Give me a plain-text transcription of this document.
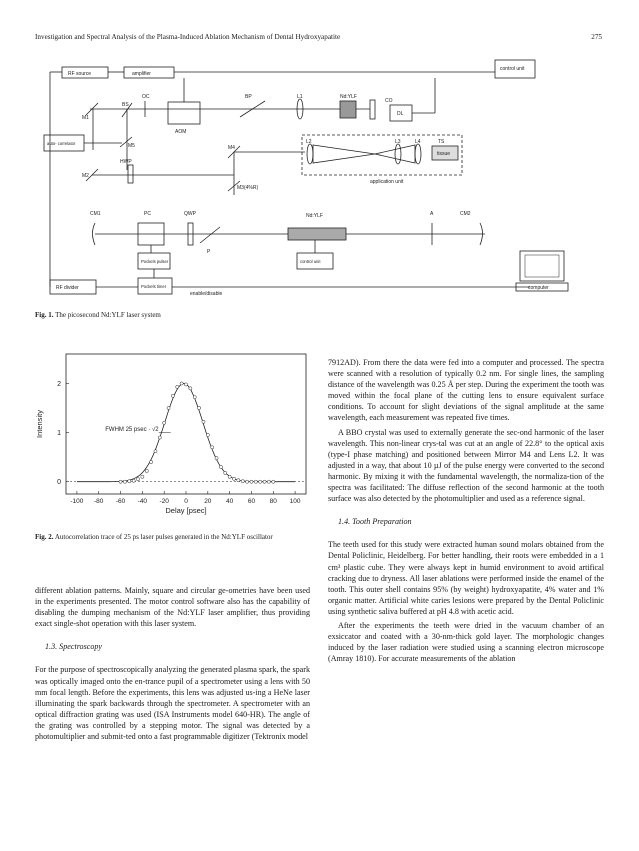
Investigation and Spectral Analysis of the Plasma-Induced Ablation Mechanism of Dental Hydroxyapatite	275
RF source	amplifier
control unit
OC	BP	L1	Nd:YLF
CO
DL
AOM
BS
M1
auto- correlator	M5	M4
HWP
M2
M3(4%R)
application unit
L2	L3	L4	TS
tissue
CM1	PC	QWP
P
Nd:YLF	A	CM2
Pockels pulser	control unit
RF divider	Pockels timer
enable/disable
computer
Fig. 1. The picosecond Nd:YLF laser system
-100 -80 -60 -40 -20 0	20 40 60 80 100
0
1
2
Delay [psec]
Intensity	FWHM 25 psec · √2
Fig. 2. Autocorrelation trace of 25 ps laser pulses generated in the Nd:YLF oscillator

different ablation patterns. Mainly, square and circular ge-ometries have been used in the experiments presented. The motor control software also has the capability of disabling the dumping mechanism of the Nd:YLF laser amplifier, thus providing exact single-shot operation with this laser system.

1.3. Spectroscopy

For the purpose of spectroscopically analyzing the generated plasma spark, the spark was optically imaged onto the en-trance pupil of a spectrometer using a lens with 50 mm focal length. Before the experiments, this lens was adjusted us-ing a HeNe laser illuminating the spark backwards through the spectrometer. A spectrometer with an optical diffraction grating was used (ISA Instruments model 640-HR). The angle of the grating was controlled by a stepping motor. The signal was detected by a photomultiplier and submit-ted onto a fast programmable digitizer (Tektronix model

7912AD). From there the data were fed into a computer and processed. The spectra were scanned with a resolution of typically 0.2 nm. For single lines, the sampling distance of the wavelength was 0.25 Å per step. During the experiment the tooth was moved within the focal plane of the cutting lens to ensure equivalent surface conditions. To account for slight deviations of the signal amplitude at the same wavelength, each measurement was repeated five times.

A BBO crystal was used to externally generate the sec-ond harmonic of the laser wavelength. This non-linear crys-tal was cut at an angle of 22.8° to the optical axis (type-I phase matching) and positioned between Mirror M4 and Lens L2. It was adjusted in a way, that about 10 µJ of the pulse energy were converted to the second harmonic. By mixing it with the fundamental wavelength, the normaliza-tion of the spectra was facilitated: The diffuse reflection of the second harmonic at the tooth surface was also detected by the photomultiplier and used as a reference signal.

1.4. Tooth Preparation

The teeth used for this study were extracted human sound molars obtained from the Dental Policlinic, Heidelberg. For better handling, their roots were embedded in a 1 cm³ plastic cube. They were always kept in humid environment to avoid artifical cracking due to dryness. All laser ablations were performed inside the enamel of the tooth. This outer shell contains 95% (by weight) hydroxyapatite, 4% water and 1% organic matter. Artificial white caries lesions were prepared by the Dental Policlinic using synthetic saliva buffered at pH 4.8 with acetic acid.

After the experiments the teeth were dried in the vacuum chamber of an exsiccator and coated with a 30-nm-thick gold layer. The morphologic changes induced by the laser radiation were studied using a scanning electron microscope (Amray 1810). For accurate measurements of the ablation
